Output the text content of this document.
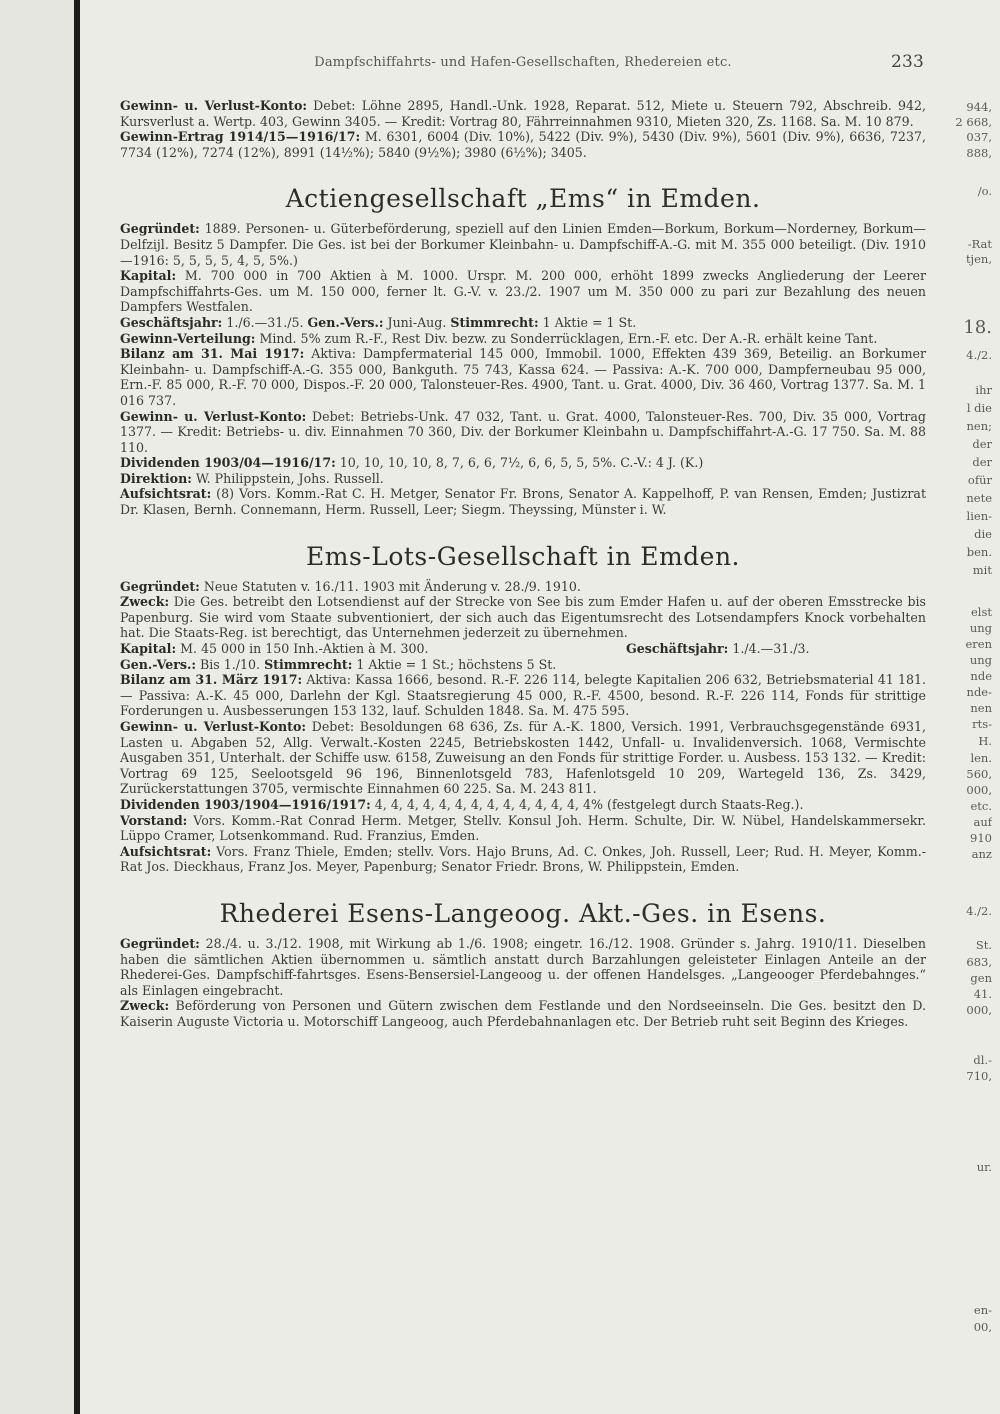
944,
2 668,
037,
888,
/o.
-Rat
tjen,
18.
4./2.
ihr
l die
nen;
der
der
ofür
nete
lien-
die
ben.
mit
elst
ung
eren
ung
nde
nde-
nen
rts-
H.
len.
560,
000,
etc.
auf
910
anz
4./2.
St.
683,
gen
41.
000,
dl.-
710,
ur.
en-
00,
Dampfschiffahrts- und Hafen-Gesellschaften, Rhedereien etc.	233

Gewinn- u. Verlust-Konto: Debet: Löhne 2895, Handl.-Unk. 1928, Reparat. 512, Miete u. Steuern 792, Abschreib. 942, Kursverlust a. Wertp. 403, Gewinn 3405. — Kredit: Vortrag 80, Fährreinnahmen 9310, Mieten 320, Zs. 1168. Sa. M. 10 879.

Gewinn-Ertrag 1914/15—1916/17: M. 6301, 6004 (Div. 10%), 5422 (Div. 9%), 5430 (Div. 9%), 5601 (Div. 9%), 6636, 7237, 7734 (12%), 7274 (12%), 8991 (14½%); 5840 (9½%); 3980 (6½%); 3405.

Actiengesellschaft „Ems“ in Emden.

Gegründet: 1889. Personen- u. Güterbeförderung, speziell auf den Linien Emden—Borkum, Borkum—Norderney, Borkum—Delfzijl. Besitz 5 Dampfer. Die Ges. ist bei der Borkumer Kleinbahn- u. Dampfschiff-A.-G. mit M. 355 000 beteiligt. (Div. 1910—1916: 5, 5, 5, 5, 4, 5, 5%.)

Kapital: M. 700 000 in 700 Aktien à M. 1000. Urspr. M. 200 000, erhöht 1899 zwecks Angliederung der Leerer Dampfschiffahrts-Ges. um M. 150 000, ferner lt. G.-V. v. 23./2. 1907 um M. 350 000 zu pari zur Bezahlung des neuen Dampfers Westfalen.

Geschäftsjahr: 1./6.—31./5. Gen.-Vers.: Juni-Aug. Stimmrecht: 1 Aktie = 1 St.

Gewinn-Verteilung: Mind. 5% zum R.-F., Rest Div. bezw. zu Sonderrücklagen, Ern.-F. etc. Der A.-R. erhält keine Tant.

Bilanz am 31. Mai 1917: Aktiva: Dampfermaterial 145 000, Immobil. 1000, Effekten 439 369, Beteilig. an Borkumer Kleinbahn- u. Dampfschiff-A.-G. 355 000, Bankguth. 75 743, Kassa 624. — Passiva: A.-K. 700 000, Dampferneubau 95 000, Ern.-F. 85 000, R.-F. 70 000, Dispos.-F. 20 000, Talonsteuer-Res. 4900, Tant. u. Grat. 4000, Div. 36 460, Vortrag 1377. Sa. M. 1 016 737.

Gewinn- u. Verlust-Konto: Debet: Betriebs-Unk. 47 032, Tant. u. Grat. 4000, Talonsteuer-Res. 700, Div. 35 000, Vortrag 1377. — Kredit: Betriebs- u. div. Einnahmen 70 360, Div. der Borkumer Kleinbahn u. Dampfschiffahrt-A.-G. 17 750. Sa. M. 88 110.

Dividenden 1903/04—1916/17: 10, 10, 10, 10, 8, 7, 6, 6, 7½, 6, 6, 5, 5, 5%. C.-V.: 4 J. (K.)

Direktion: W. Philippstein, Johs. Russell.

Aufsichtsrat: (8) Vors. Komm.-Rat C. H. Metger, Senator Fr. Brons, Senator A. Kappelhoff, P. van Rensen, Emden; Justizrat Dr. Klasen, Bernh. Connemann, Herm. Russell, Leer; Siegm. Theyssing, Münster i. W.

Ems-Lots-Gesellschaft in Emden.

Gegründet: Neue Statuten v. 16./11. 1903 mit Änderung v. 28./9. 1910.

Zweck: Die Ges. betreibt den Lotsendienst auf der Strecke von See bis zum Emder Hafen u. auf der oberen Emsstrecke bis Papenburg. Sie wird vom Staate subventioniert, der sich auch das Eigentumsrecht des Lotsendampfers Knock vorbehalten hat. Die Staats-Reg. ist berechtigt, das Unternehmen jederzeit zu übernehmen.

Kapital: M. 45 000 in 150 Inh.-Aktien à M. 300.	Geschäftsjahr: 1./4.—31./3.

Gen.-Vers.: Bis 1./10. Stimmrecht: 1 Aktie = 1 St.; höchstens 5 St.

Bilanz am 31. März 1917: Aktiva: Kassa 1666, besond. R.-F. 226 114, belegte Kapitalien 206 632, Betriebsmaterial 41 181. — Passiva: A.-K. 45 000, Darlehn der Kgl. Staatsregierung 45 000, R.-F. 4500, besond. R.-F. 226 114, Fonds für strittige Forderungen u. Ausbesserungen 153 132, lauf. Schulden 1848. Sa. M. 475 595.

Gewinn- u. Verlust-Konto: Debet: Besoldungen 68 636, Zs. für A.-K. 1800, Versich. 1991, Verbrauchsgegenstände 6931, Lasten u. Abgaben 52, Allg. Verwalt.-Kosten 2245, Betriebskosten 1442, Unfall- u. Invalidenversich. 1068, Vermischte Ausgaben 351, Unterhalt. der Schiffe usw. 6158, Zuweisung an den Fonds für strittige Forder. u. Ausbess. 153 132. — Kredit: Vortrag 69 125, Seelootsgeld 96 196, Binnenlotsgeld 783, Hafenlotsgeld 10 209, Wartegeld 136, Zs. 3429, Zurückerstattungen 3705, vermischte Einnahmen 60 225. Sa. M. 243 811.

Dividenden 1903/1904—1916/1917: 4, 4, 4, 4, 4, 4, 4, 4, 4, 4, 4, 4, 4, 4% (festgelegt durch Staats-Reg.).

Vorstand: Vors. Komm.-Rat Conrad Herm. Metger, Stellv. Konsul Joh. Herm. Schulte, Dir. W. Nübel, Handelskammersekr. Lüppo Cramer, Lotsenkommand. Rud. Franzius, Emden.

Aufsichtsrat: Vors. Franz Thiele, Emden; stellv. Vors. Hajo Bruns, Ad. C. Onkes, Joh. Russell, Leer; Rud. H. Meyer, Komm.-Rat Jos. Dieckhaus, Franz Jos. Meyer, Papenburg; Senator Friedr. Brons, W. Philippstein, Emden.

Rhederei Esens-Langeoog. Akt.-Ges. in Esens.

Gegründet: 28./4. u. 3./12. 1908, mit Wirkung ab 1./6. 1908; eingetr. 16./12. 1908. Gründer s. Jahrg. 1910/11. Dieselben haben die sämtlichen Aktien übernommen u. sämtlich anstatt durch Barzahlungen geleisteter Einlagen Anteile an der Rhederei-Ges. Dampfschiff-fahrtsges. Esens-Bensersiel-Langeoog u. der offenen Handelsges. „Langeooger Pferdebahnges.“ als Einlagen eingebracht.

Zweck: Beförderung von Personen und Gütern zwischen dem Festlande und den Nordseeinseln. Die Ges. besitzt den D. Kaiserin Auguste Victoria u. Motorschiff Langeoog, auch Pferdebahnanlagen etc. Der Betrieb ruht seit Beginn des Krieges.
